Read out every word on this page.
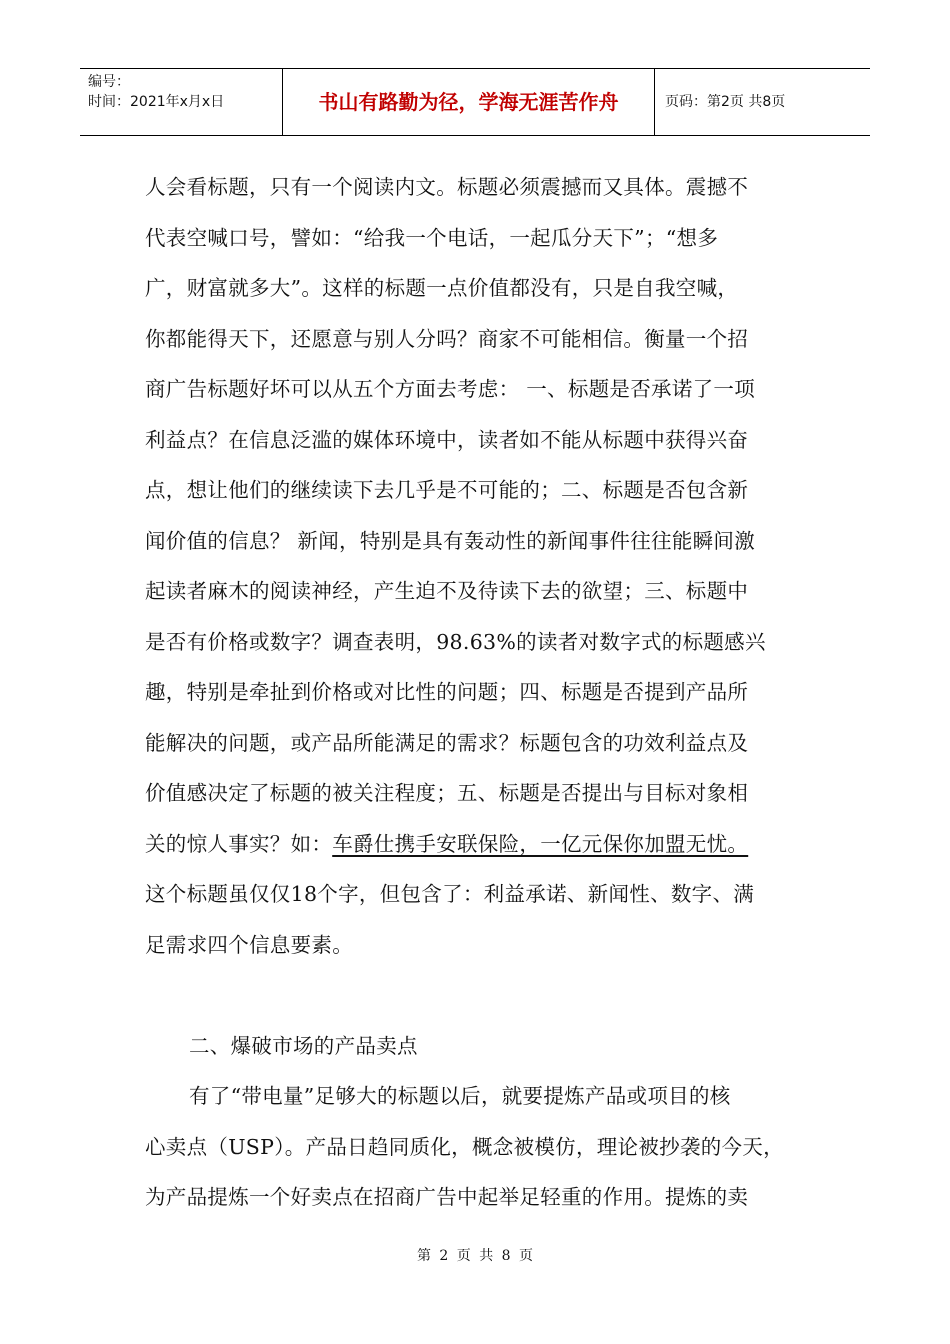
编号：
时间：2021年x月x日	书山有路勤为径，学海无涯苦作舟	页码：第2页 共8页
人会看标题，只有一个阅读内文。标题必须震撼而又具体。震撼不
代表空喊口号，譬如：“给我一个电话，一起瓜分天下”；“想多
广，财富就多大”。这样的标题一点价值都没有，只是自我空喊，
你都能得天下，还愿意与别人分吗？商家不可能相信。衡量一个招
商广告标题好坏可以从五个方面去考虑： 一、标题是否承诺了一项
利益点？在信息泛滥的媒体环境中，读者如不能从标题中获得兴奋
点，想让他们的继续读下去几乎是不可能的；二、标题是否包含新
闻价值的信息？ 新闻，特别是具有轰动性的新闻事件往往能瞬间激
起读者麻木的阅读神经，产生迫不及待读下去的欲望；三、标题中
是否有价格或数字？调查表明，98.63%的读者对数字式的标题感兴
趣，特别是牵扯到价格或对比性的问题；四、标题是否提到产品所
能解决的问题，或产品所能满足的需求？标题包含的功效利益点及
价值感决定了标题的被关注程度；五、标题是否提出与目标对象相
关的惊人事实？如：车爵仕携手安联保险，一亿元保你加盟无忧。
这个标题虽仅仅18个字，但包含了：利益承诺、新闻性、数字、满
足需求四个信息要素。
二、爆破市场的产品卖点
有了“带电量”足够大的标题以后，就要提炼产品或项目的核
心卖点（USP）。产品日趋同质化，概念被模仿，理论被抄袭的今天，
为产品提炼一个好卖点在招商广告中起举足轻重的作用。提炼的卖
第 2 页 共 8 页
